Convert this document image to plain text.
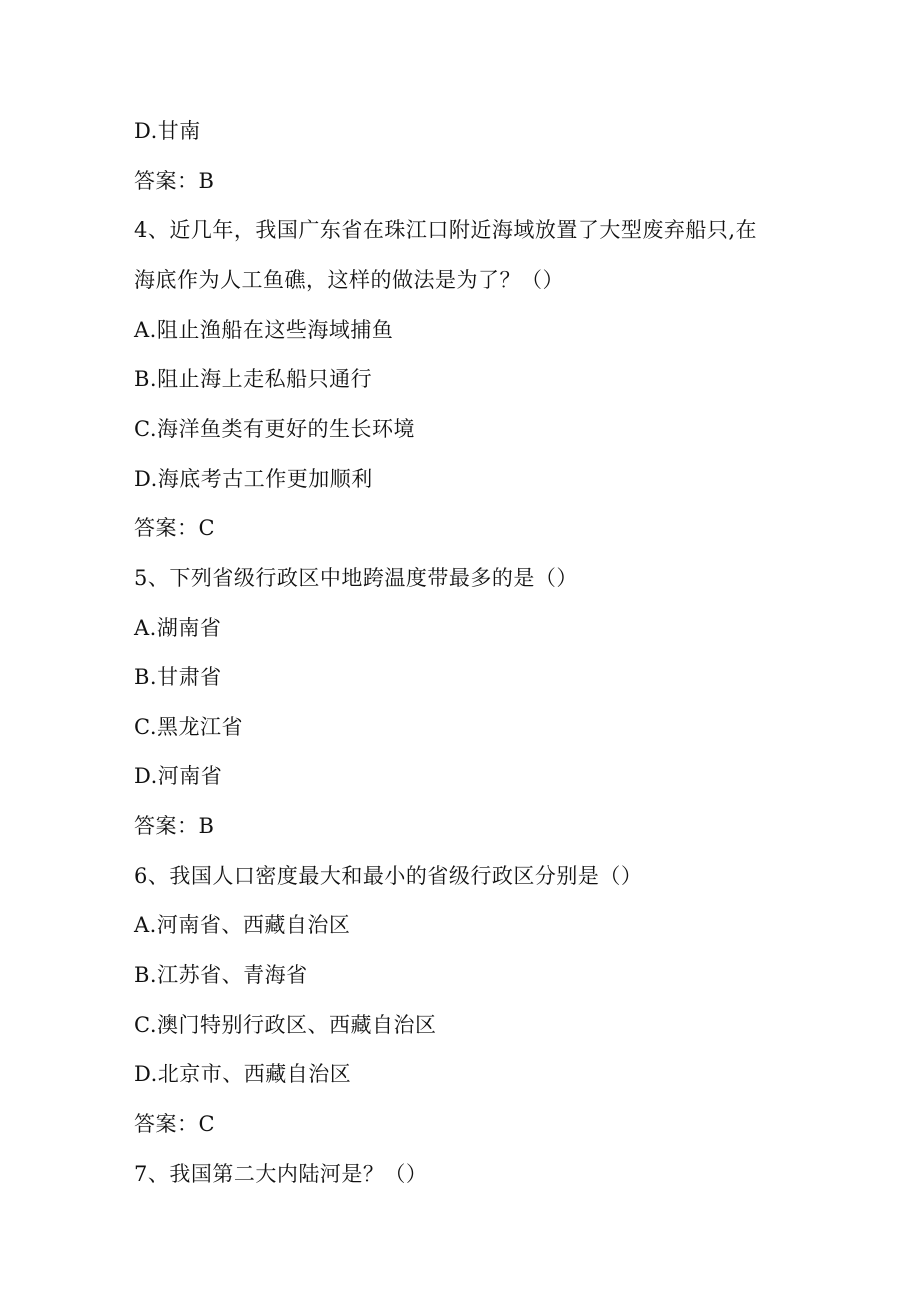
D.甘南
答案：B
4、近几年，我国广东省在珠江口附近海域放置了大型废弃船只,在
海底作为人工鱼礁，这样的做法是为了？（）
A.阻止渔船在这些海域捕鱼
B.阻止海上走私船只通行
C.海洋鱼类有更好的生长环境
D.海底考古工作更加顺利
答案：C
5、下列省级行政区中地跨温度带最多的是（）
A.湖南省
B.甘肃省
C.黑龙江省
D.河南省
答案：B
6、我国人口密度最大和最小的省级行政区分别是（）
A.河南省、西藏自治区
B.江苏省、青海省
C.澳门特别行政区、西藏自治区
D.北京市、西藏自治区
答案：C
7、我国第二大内陆河是？（）
